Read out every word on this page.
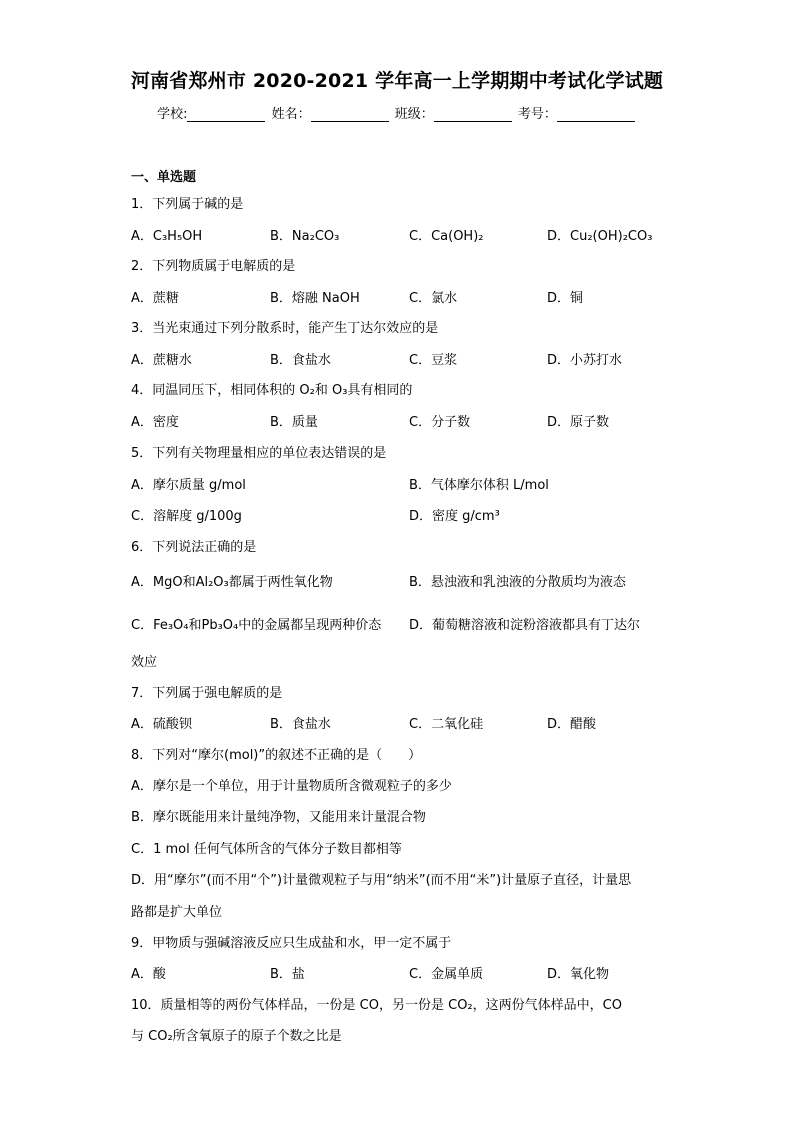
河南省郑州市 2020-2021 学年高一上学期期中考试化学试题
学校:	姓名：	班级：	考号：
一、单选题
1．下列属于碱的是
A．C₃H₅OH	B．Na₂CO₃	C．Ca(OH)₂	D．Cu₂(OH)₂CO₃
2．下列物质属于电解质的是
A．蔗糖	B．熔融 NaOH	C．氯水	D．铜
3．当光束通过下列分散系时，能产生丁达尔效应的是
A．蔗糖水	B．食盐水	C．豆浆	D．小苏打水
4．同温同压下，相同体积的 O₂和 O₃具有相同的
A．密度	B．质量	C．分子数	D．原子数
5．下列有关物理量相应的单位表达错误的是
A．摩尔质量 g/mol	B．气体摩尔体积 L/mol
C．溶解度 g/100g	D．密度 g/cm³
6．下列说法正确的是
A．MgO和Al₂O₃都属于两性氧化物	B．悬浊液和乳浊液的分散质均为液态
C．Fe₃O₄和Pb₃O₄中的金属都呈现两种价态 D．葡萄糖溶液和淀粉溶液都具有丁达尔
效应
7．下列属于强电解质的是
A．硫酸钡	B．食盐水	C．二氧化硅	D．醋酸
8．下列对“摩尔(mol)”的叙述不正确的是（　　）
A．摩尔是一个单位，用于计量物质所含微观粒子的多少
B．摩尔既能用来计量纯净物，又能用来计量混合物
C．1 mol 任何气体所含的气体分子数目都相等
D．用“摩尔”(而不用“个”)计量微观粒子与用“纳米”(而不用“米”)计量原子直径，计量思
路都是扩大单位
9．甲物质与强碱溶液反应只生成盐和水，甲一定不属于
A．酸	B．盐	C．金属单质	D．氧化物
10．质量相等的两份气体样品，一份是 CO，另一份是 CO₂，这两份气体样品中，CO
与 CO₂所含氧原子的原子个数之比是
